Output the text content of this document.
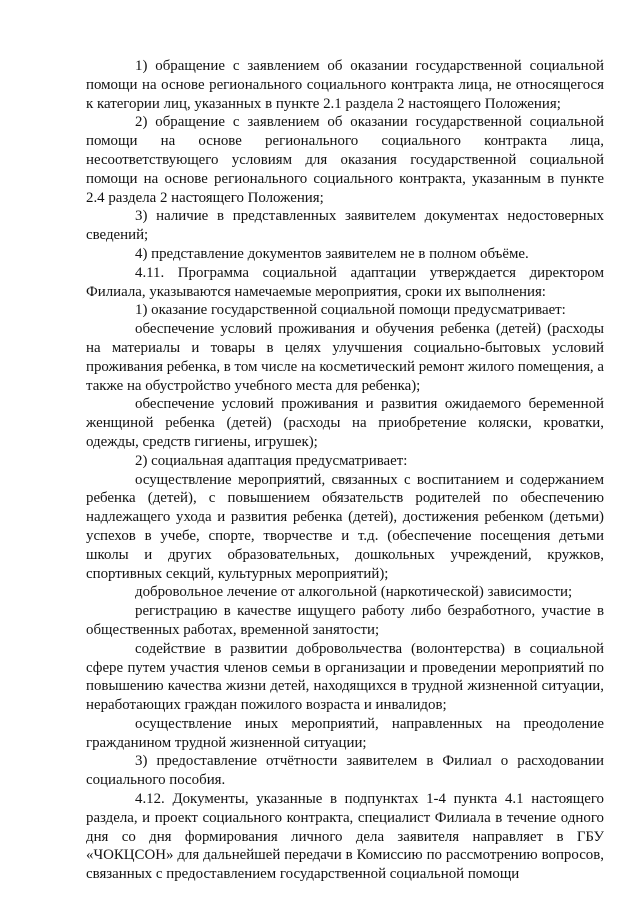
1) обращение с заявлением об оказании государственной социальной помощи на основе регионального социального контракта лица, не относящегося к категории лиц, указанных в пункте 2.1 раздела 2 настоящего Положения;

2) обращение с заявлением об оказании государственной социальной помощи на основе регионального социального контракта лица, несоответствующего условиям для оказания государственной социальной помощи на основе регионального социального контракта, указанным в пункте 2.4 раздела 2 настоящего Положения;

3) наличие в представленных заявителем документах недостоверных сведений;

4) представление документов заявителем не в полном объёме.

4.11. Программа социальной адаптации утверждается директором Филиала, указываются намечаемые мероприятия, сроки их выполнения:

1) оказание государственной социальной помощи предусматривает:

обеспечение условий проживания и обучения ребенка (детей) (расходы на материалы и товары в целях улучшения социально-бытовых условий проживания ребенка, в том числе на косметический ремонт жилого помещения, а также на обустройство учебного места для ребенка);

обеспечение условий проживания и развития ожидаемого беременной женщиной ребенка (детей) (расходы на приобретение коляски, кроватки, одежды, средств гигиены, игрушек);

2) социальная адаптация предусматривает:

осуществление мероприятий, связанных с воспитанием и содержанием ребенка (детей), с повышением обязательств родителей по обеспечению надлежащего ухода и развития ребенка (детей), достижения ребенком (детьми) успехов в учебе, спорте, творчестве и т.д. (обеспечение посещения детьми школы и других образовательных, дошкольных учреждений, кружков, спортивных секций, культурных мероприятий);

добровольное лечение от алкогольной (наркотической) зависимости;

регистрацию в качестве ищущего работу либо безработного, участие в общественных работах, временной занятости;

содействие в развитии добровольчества (волонтерства) в социальной сфере путем участия членов семьи в организации и проведении мероприятий по повышению качества жизни детей, находящихся в трудной жизненной ситуации, неработающих граждан пожилого возраста и инвалидов;

осуществление иных мероприятий, направленных на преодоление гражданином трудной жизненной ситуации;

3) предоставление отчётности заявителем в Филиал о расходовании социального пособия.

4.12. Документы, указанные в подпунктах 1-4 пункта 4.1 настоящего раздела, и проект социального контракта, специалист Филиала в течение одного дня со дня формирования личного дела заявителя направляет в ГБУ «ЧОКЦСОН» для дальнейшей передачи в Комиссию по рассмотрению вопросов, связанных с предоставлением государственной социальной помощи
